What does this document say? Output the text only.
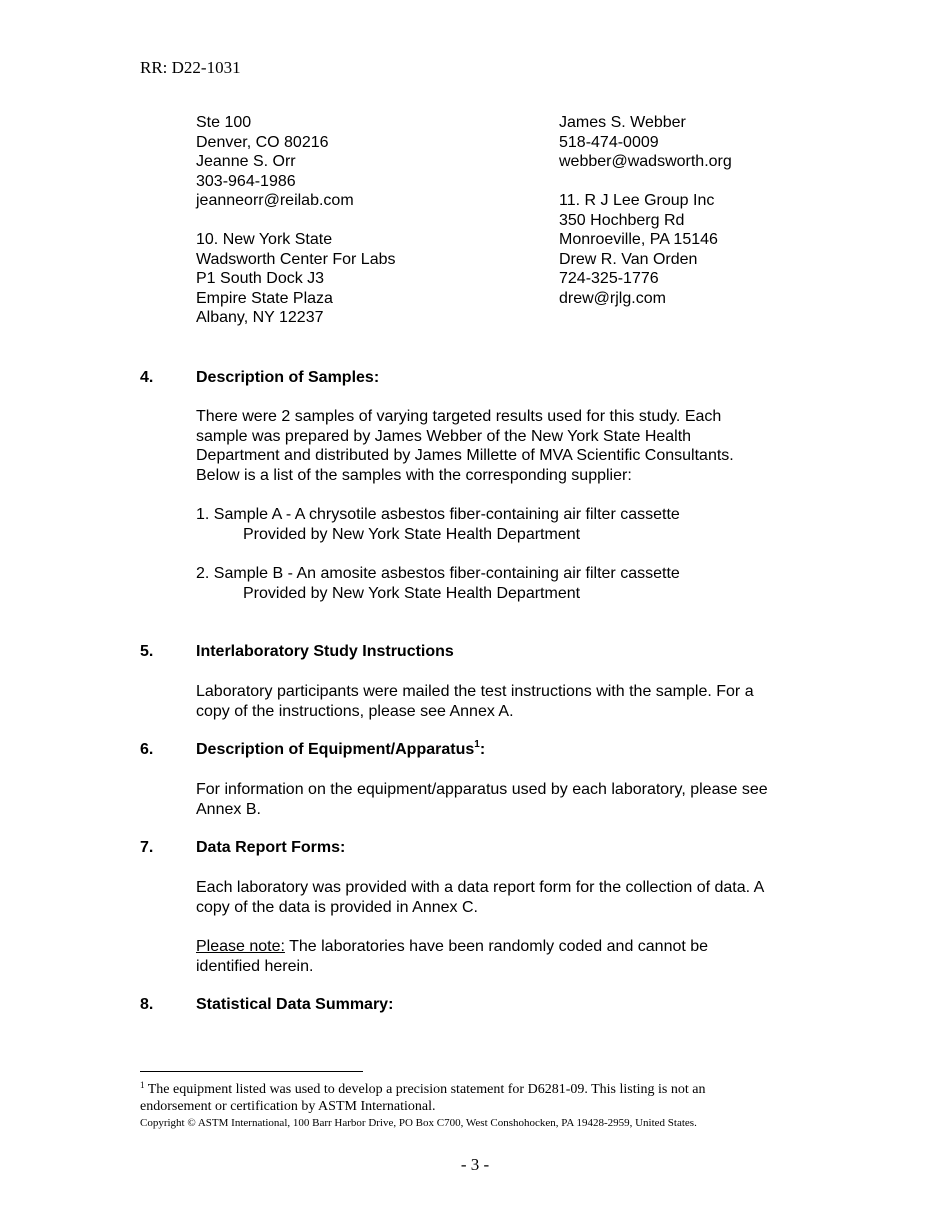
RR: D22-1031
Ste 100
Denver, CO 80216
Jeanne S. Orr
303-964-1986
jeanneorr@reilab.com
10. New York State
Wadsworth Center For Labs
P1 South Dock J3
Empire State Plaza
Albany, NY 12237
James S. Webber
518-474-0009
webber@wadsworth.org
11. R J Lee Group Inc
350 Hochberg Rd
Monroeville, PA 15146
Drew R. Van Orden
724-325-1776
drew@rjlg.com
4.	Description of Samples:
There were 2 samples of varying targeted results used for this study. Each
sample was prepared by James Webber of the New York State Health
Department and distributed by James Millette of MVA Scientific Consultants.
Below is a list of the samples with the corresponding supplier:
1. Sample A - A chrysotile asbestos fiber-containing air filter cassette
Provided by New York State Health Department
2. Sample B - An amosite asbestos fiber-containing air filter cassette
Provided by New York State Health Department
5.	Interlaboratory Study Instructions
Laboratory participants were mailed the test instructions with the sample. For a
copy of the instructions, please see Annex A.
6.	Description of Equipment/Apparatus$^1$:
For information on the equipment/apparatus used by each laboratory, please see
Annex B.
7.	Data Report Forms:
Each laboratory was provided with a data report form for the collection of data. A
copy of the data is provided in Annex C.
Please note: The laboratories have been randomly coded and cannot be
identified herein.
8.	Statistical Data Summary:
$^1$ The equipment listed was used to develop a precision statement for D6281-09. This listing is not an
endorsement or certification by ASTM International.
Copyright © ASTM International, 100 Barr Harbor Drive, PO Box C700, West Conshohocken, PA 19428-2959, United States.
- 3 -
